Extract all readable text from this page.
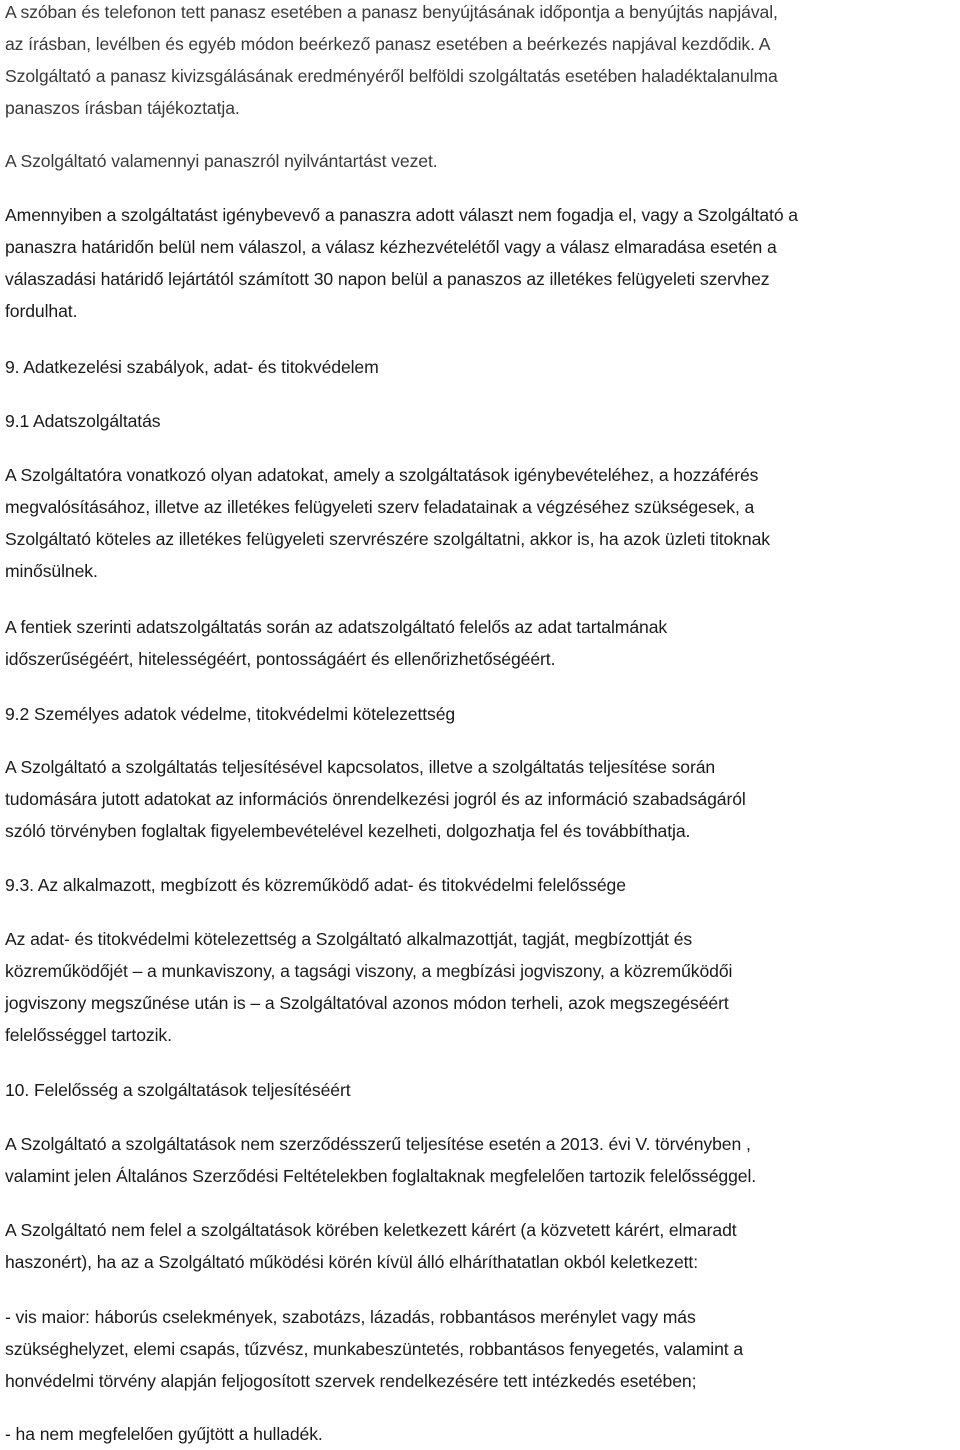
A szóban és telefonon tett panasz esetében a panasz benyújtásának időpontja a benyújtás napjával,
az írásban, levélben és egyéb módon beérkező panasz esetében a beérkezés napjával kezdődik. A
Szolgáltató a panasz kivizsgálásának eredményéről belföldi szolgáltatás esetében haladéktalanulma
panaszos írásban tájékoztatja.

A Szolgáltató valamennyi panaszról nyilvántartást vezet.

Amennyiben a szolgáltatást igénybevevő a panaszra adott választ nem fogadja el, vagy a Szolgáltató a
panaszra határidőn belül nem válaszol, a válasz kézhezvételétől vagy a válasz elmaradása esetén a
válaszadási határidő lejártától számított 30 napon belül a panaszos az illetékes felügyeleti szervhez
fordulhat.

9. Adatkezelési szabályok, adat- és titokvédelem

9.1 Adatszolgáltatás

A Szolgáltatóra vonatkozó olyan adatokat, amely a szolgáltatások igénybevételéhez, a hozzáférés
megvalósításához, illetve az illetékes felügyeleti szerv feladatainak a végzéséhez szükségesek, a
Szolgáltató köteles az illetékes felügyeleti szervrészére szolgáltatni, akkor is, ha azok üzleti titoknak
minősülnek.

A fentiek szerinti adatszolgáltatás során az adatszolgáltató felelős az adat tartalmának
időszerűségéért, hitelességéért, pontosságáért és ellenőrizhetőségéért.

9.2 Személyes adatok védelme, titokvédelmi kötelezettség

A Szolgáltató a szolgáltatás teljesítésével kapcsolatos, illetve a szolgáltatás teljesítése során
tudomására jutott adatokat az információs önrendelkezési jogról és az információ szabadságáról
szóló törvényben foglaltak figyelembevételével kezelheti, dolgozhatja fel és továbbíthatja.

9.3. Az alkalmazott, megbízott és közreműködő adat- és titokvédelmi felelőssége

Az adat- és titokvédelmi kötelezettség a Szolgáltató alkalmazottját, tagját, megbízottját és
közreműködőjét – a munkaviszony, a tagsági viszony, a megbízási jogviszony, a közreműködői
jogviszony megszűnése után is – a Szolgáltatóval azonos módon terheli, azok megszegéséért
felelősséggel tartozik.

10. Felelősség a szolgáltatások teljesítéséért

A Szolgáltató a szolgáltatások nem szerződésszerű teljesítése esetén a 2013. évi V. törvényben ,
valamint jelen Általános Szerződési Feltételekben foglaltaknak megfelelően tartozik felelősséggel.

A Szolgáltató nem felel a szolgáltatások körében keletkezett kárért (a közvetett kárért, elmaradt
haszonért), ha az a Szolgáltató működési körén kívül álló elháríthatatlan okból keletkezett:

- vis maior: háborús cselekmények, szabotázs, lázadás, robbantásos merénylet vagy más
szükséghelyzet, elemi csapás, tűzvész, munkabeszüntetés, robbantásos fenyegetés, valamint a
honvédelmi törvény alapján feljogosított szervek rendelkezésére tett intézkedés esetében;

- ha nem megfelelően gyűjtött a hulladék.
